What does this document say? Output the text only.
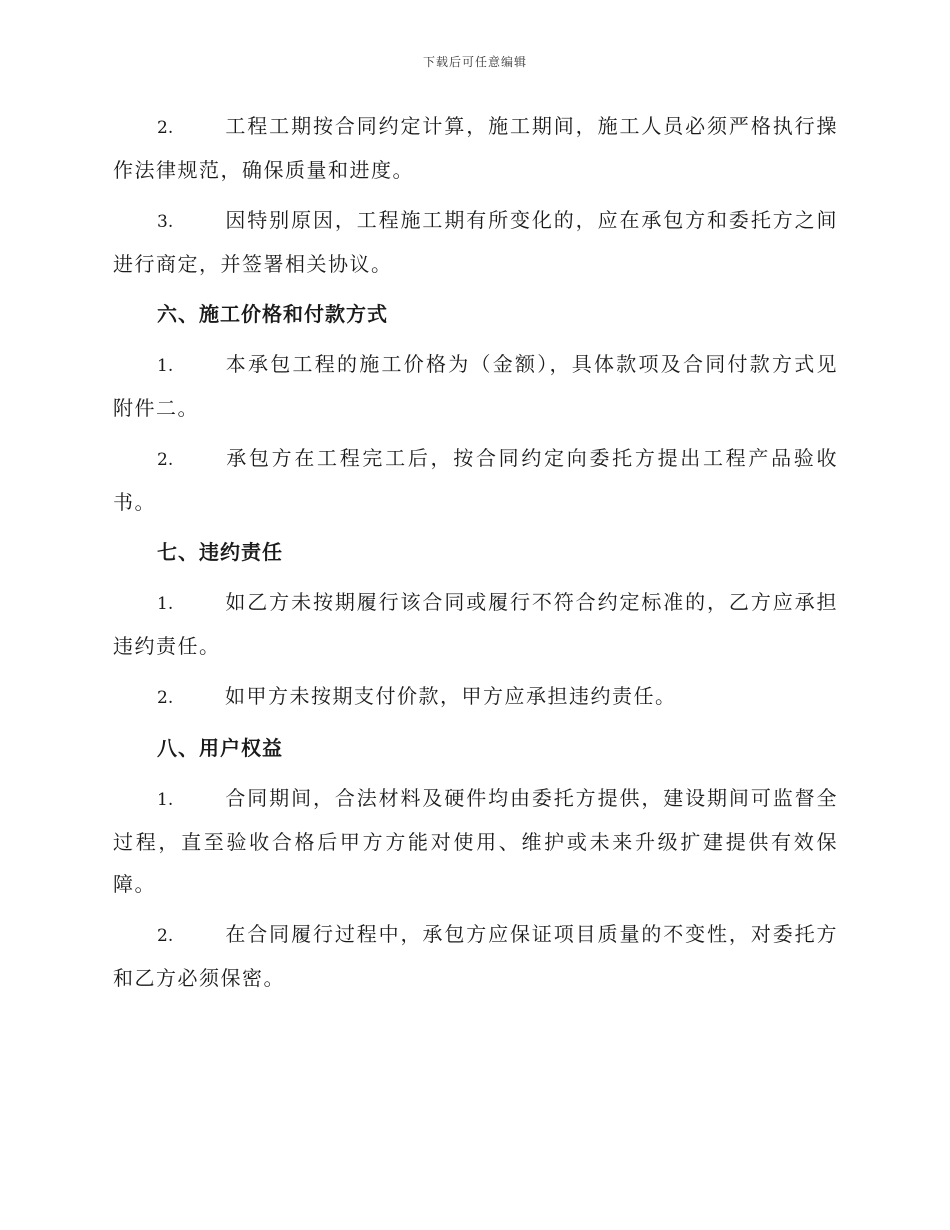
下载后可任意编辑

2.	工程工期按合同约定计算，施工期间，施工人员必须严格执行操作法律规范，确保质量和进度。

3.	因特别原因，工程施工期有所变化的，应在承包方和委托方之间进行商定，并签署相关协议。

六、施工价格和付款方式

1.	本承包工程的施工价格为（金额），具体款项及合同付款方式见附件二。

2.	承包方在工程完工后，按合同约定向委托方提出工程产品验收书。

七、违约责任

1.	如乙方未按期履行该合同或履行不符合约定标准的，乙方应承担违约责任。

2.	如甲方未按期支付价款，甲方应承担违约责任。

八、用户权益

1.	合同期间，合法材料及硬件均由委托方提供，建设期间可监督全过程，直至验收合格后甲方方能对使用、维护或未来升级扩建提供有效保障。

2.	在合同履行过程中，承包方应保证项目质量的不变性，对委托方和乙方必须保密。
